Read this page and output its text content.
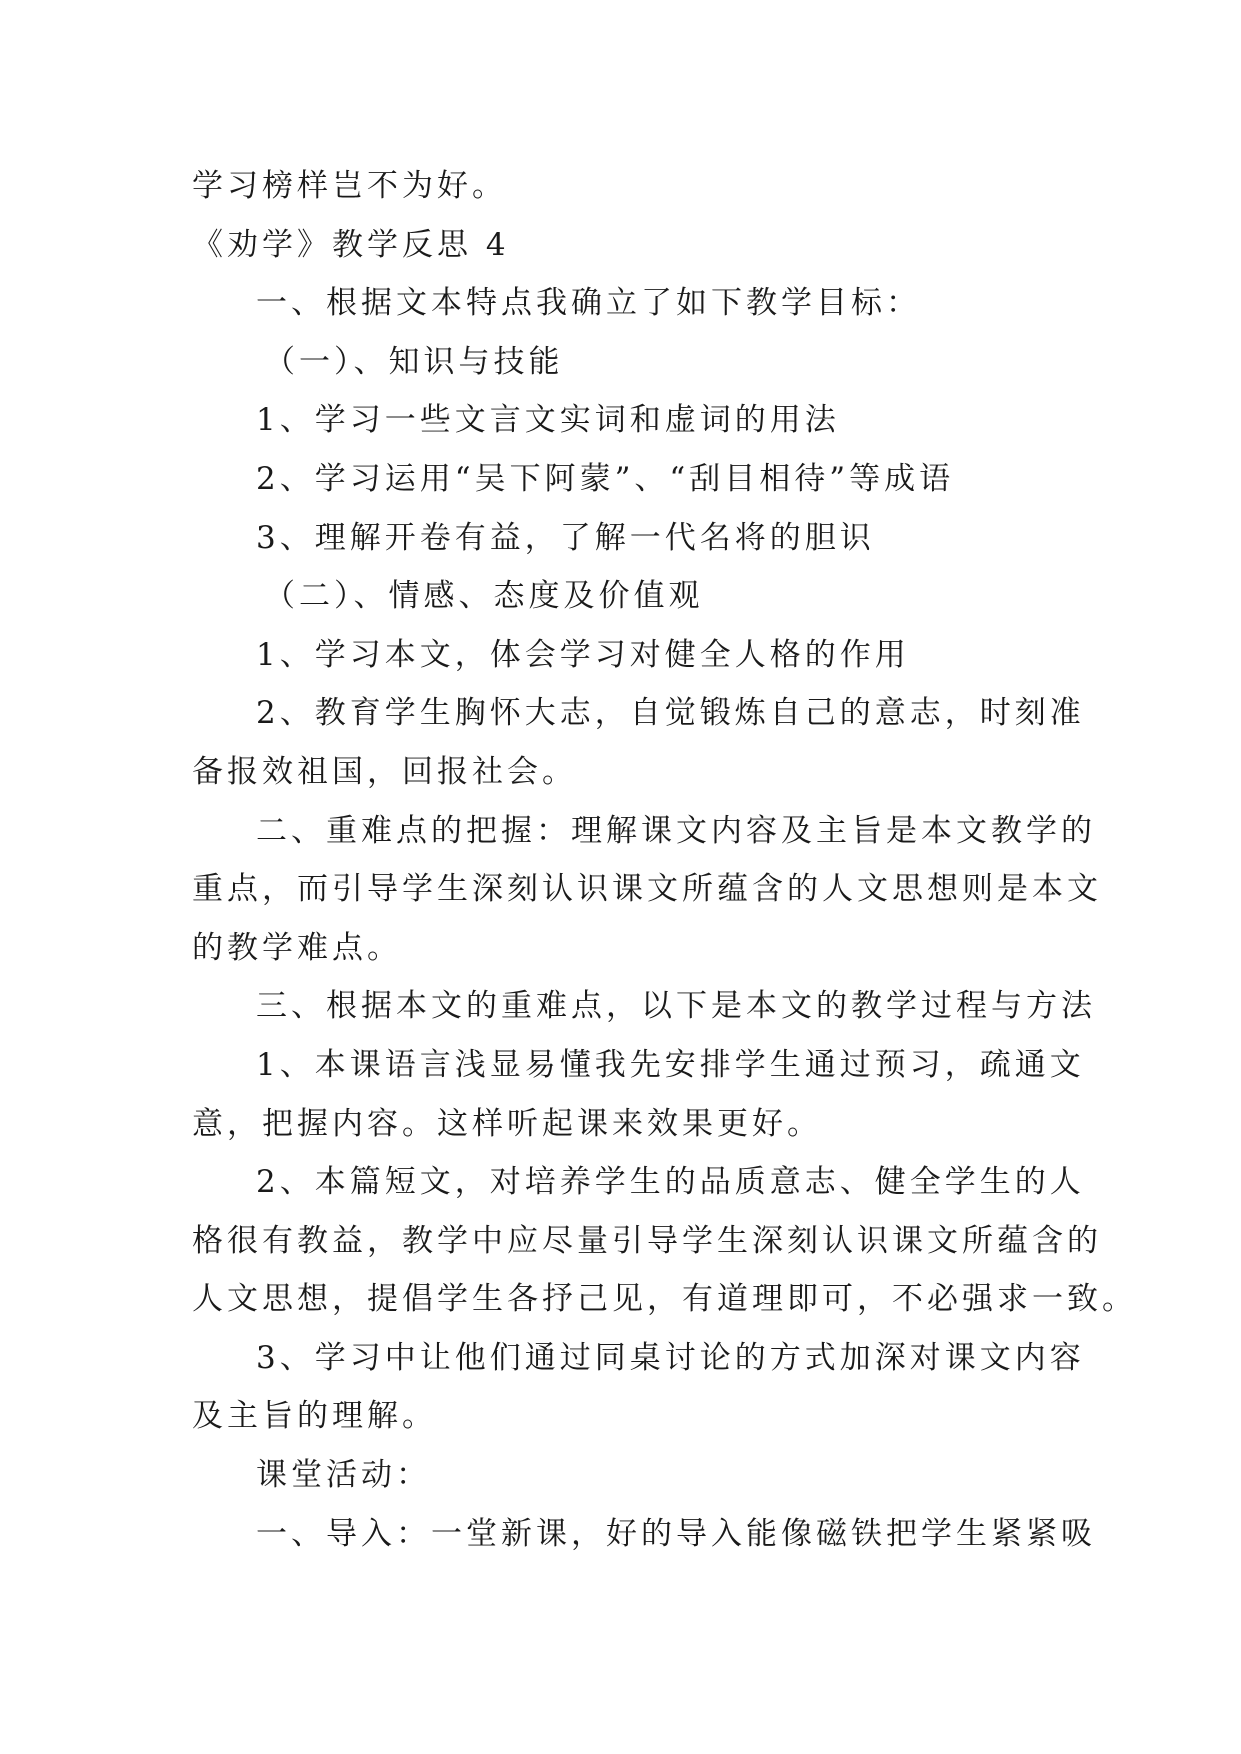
学习榜样岂不为好。
《劝学》教学反思 4
一、根据文本特点我确立了如下教学目标：
（一）、知识与技能
1、学习一些文言文实词和虚词的用法
2、学习运用“吴下阿蒙”、“刮目相待”等成语
3、理解开卷有益，了解一代名将的胆识
（二）、情感、态度及价值观
1、学习本文，体会学习对健全人格的作用
2、教育学生胸怀大志，自觉锻炼自己的意志，时刻准
备报效祖国，回报社会。
二、重难点的把握：理解课文内容及主旨是本文教学的
重点，而引导学生深刻认识课文所蕴含的人文思想则是本文
的教学难点。
三、根据本文的重难点，以下是本文的教学过程与方法
1、本课语言浅显易懂我先安排学生通过预习，疏通文
意，把握内容。这样听起课来效果更好。
2、本篇短文，对培养学生的品质意志、健全学生的人
格很有教益，教学中应尽量引导学生深刻认识课文所蕴含的
人文思想，提倡学生各抒己见，有道理即可，不必强求一致。
3、学习中让他们通过同桌讨论的方式加深对课文内容
及主旨的理解。
课堂活动：
一、导入：一堂新课，好的导入能像磁铁把学生紧紧吸
